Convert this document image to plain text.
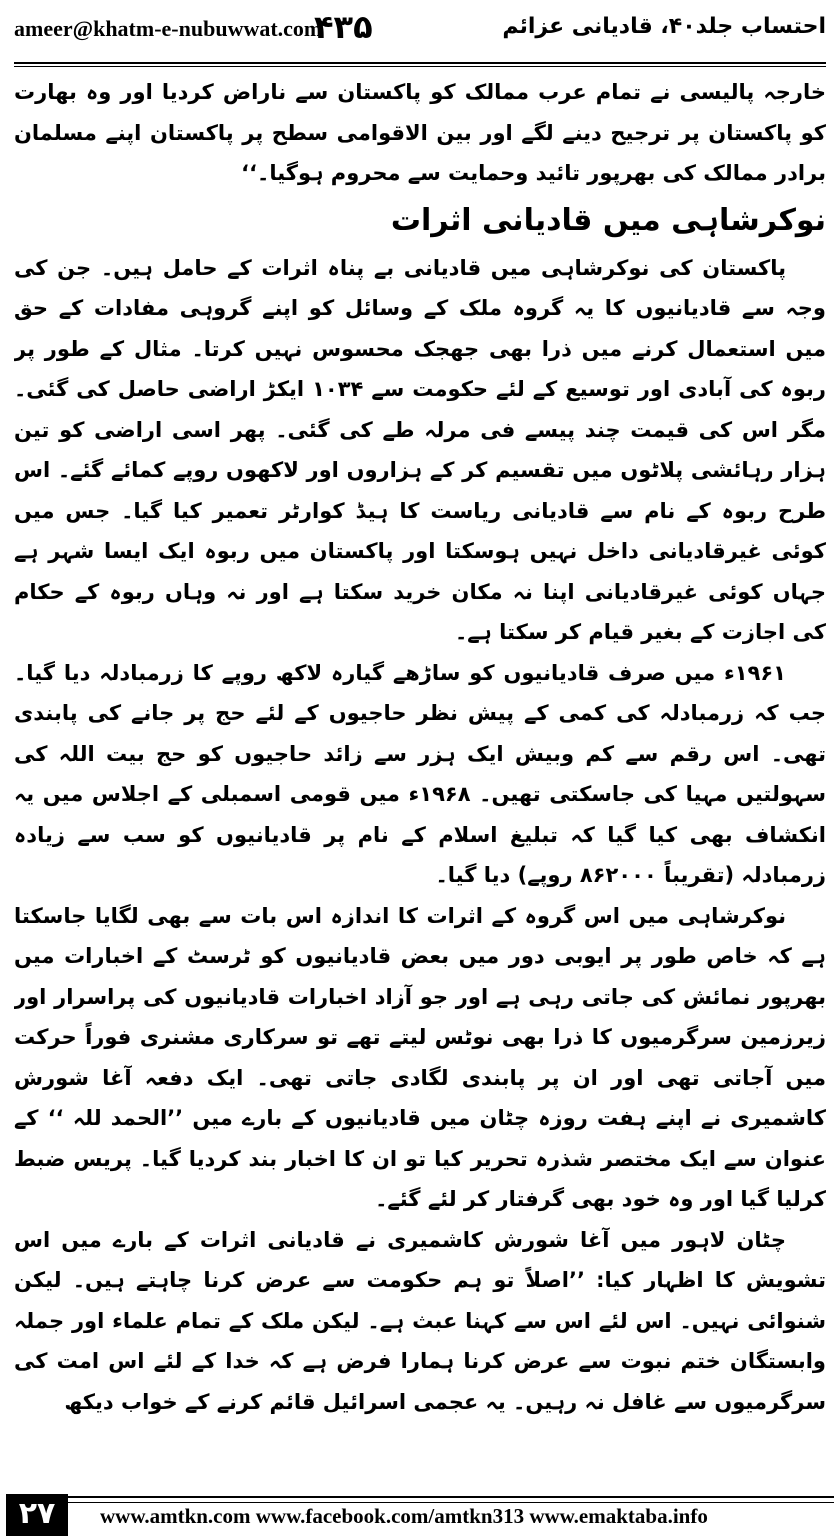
ameer@khatm-e-nubuwwat.com
۴۳۵	احتساب جلد۴۰، قادیانی عزائم

خارجہ پالیسی نے تمام عرب ممالک کو پاکستان سے ناراض کردیا اور وہ بھارت کو پاکستان پر ترجیح دینے لگے اور بین الاقوامی سطح پر پاکستان اپنے مسلمان برادر ممالک کی بھرپور تائید وحمایت سے محروم ہوگیا۔‘‘

نوکرشاہی میں قادیانی اثرات

پاکستان کی نوکرشاہی میں قادیانی بے پناہ اثرات کے حامل ہیں۔ جن کی وجہ سے قادیانیوں کا یہ گروہ ملک کے وسائل کو اپنے گروہی مفادات کے حق میں استعمال کرنے میں ذرا بھی جھجک محسوس نہیں کرتا۔ مثال کے طور پر ربوہ کی آبادی اور توسیع کے لئے حکومت سے ۱۰۳۴ ایکڑ اراضی حاصل کی گئی۔ مگر اس کی قیمت چند پیسے فی مرلہ طے کی گئی۔ پھر اسی اراضی کو تین ہزار رہائشی پلاٹوں میں تقسیم کر کے ہزاروں اور لاکھوں روپے کمائے گئے۔ اس طرح ربوہ کے نام سے قادیانی ریاست کا ہیڈ کوارٹر تعمیر کیا گیا۔ جس میں کوئی غیرقادیانی داخل نہیں ہوسکتا اور پاکستان میں ربوہ ایک ایسا شہر ہے جہاں کوئی غیرقادیانی اپنا نہ مکان خرید سکتا ہے اور نہ وہاں ربوہ کے حکام کی اجازت کے بغیر قیام کر سکتا ہے۔

۱۹۶۱ء میں صرف قادیانیوں کو ساڑھے گیارہ لاکھ روپے کا زرمبادلہ دیا گیا۔ جب کہ زرمبادلہ کی کمی کے پیش نظر حاجیوں کے لئے حج پر جانے کی پابندی تھی۔ اس رقم سے کم وبیش ایک ہزر سے زائد حاجیوں کو حج بیت اللہ کی سہولتیں مہیا کی جاسکتی تھیں۔ ۱۹۶۸ء میں قومی اسمبلی کے اجلاس میں یہ انکشاف بھی کیا گیا کہ تبلیغ اسلام کے نام پر قادیانیوں کو سب سے زیادہ زرمبادلہ (تقریباً ۸۶۲۰۰۰ روپے) دیا گیا۔

نوکرشاہی میں اس گروہ کے اثرات کا اندازہ اس بات سے بھی لگایا جاسکتا ہے کہ خاص طور پر ایوبی دور میں بعض قادیانیوں کو ٹرسٹ کے اخبارات میں بھرپور نمائش کی جاتی رہی ہے اور جو آزاد اخبارات قادیانیوں کی پراسرار اور زیرزمین سرگرمیوں کا ذرا بھی نوٹس لیتے تھے تو سرکاری مشنری فوراً حرکت میں آجاتی تھی اور ان پر پابندی لگادی جاتی تھی۔ ایک دفعہ آغا شورش کاشمیری نے اپنے ہفت روزہ چٹان میں قادیانیوں کے بارے میں ’’الحمد للہ ‘‘ کے عنوان سے ایک مختصر شذرہ تحریر کیا تو ان کا اخبار بند کردیا گیا۔ پریس ضبط کرلیا گیا اور وہ خود بھی گرفتار کر لئے گئے۔

چٹان لاہور میں آغا شورش کاشمیری نے قادیانی اثرات کے بارے میں اس تشویش کا اظہار کیا: ’’اصلاً تو ہم حکومت سے عرض کرنا چاہتے ہیں۔ لیکن شنوائی نہیں۔ اس لئے اس سے کہنا عبث ہے۔ لیکن ملک کے تمام علماء اور جملہ وابستگان ختم نبوت سے عرض کرنا ہمارا فرض ہے کہ خدا کے لئے اس امت کی سرگرمیوں سے غافل نہ رہیں۔ یہ عجمی اسرائیل قائم کرنے کے خواب دیکھ

۲۷	www.amtkn.com www.facebook.com/amtkn313 www.emaktaba.info
